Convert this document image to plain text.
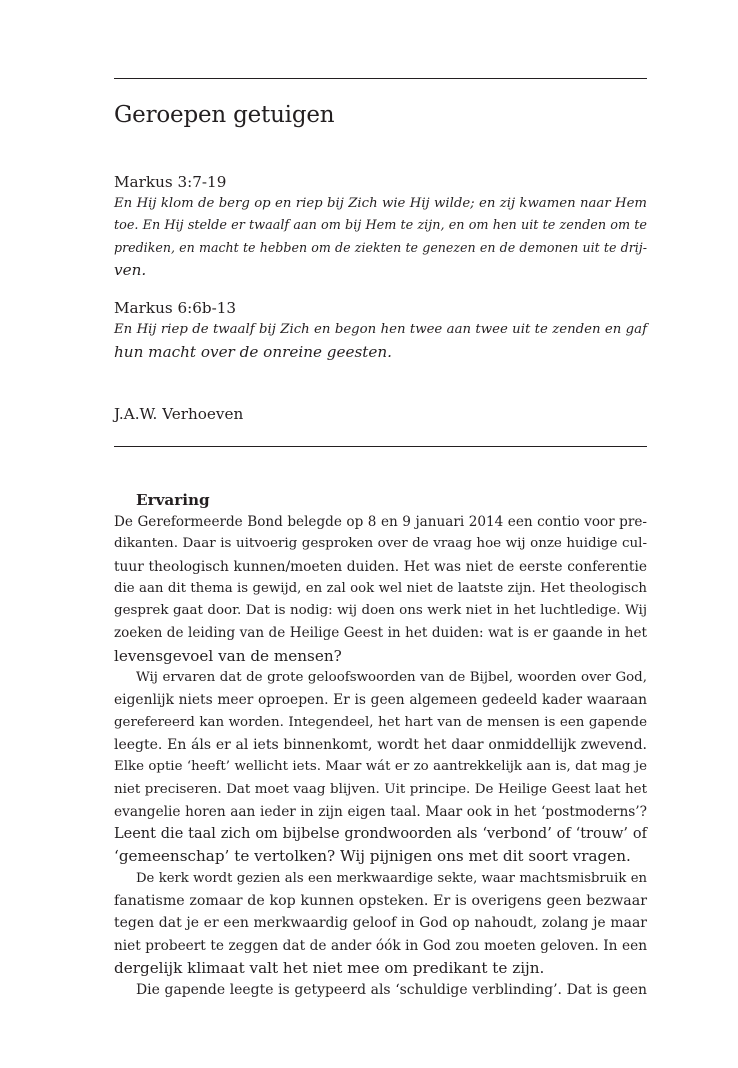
Geroepen getuigen
Markus 3:7-19
En Hij klom de berg op en riep bij Zich wie Hij wilde; en zij kwamen naar Hem
toe. En Hij stelde er twaalf aan om bij Hem te zijn, en om hen uit te zenden om te
prediken, en macht te hebben om de ziekten te genezen en de demonen uit te drij-
ven.
Markus 6:6b-13
En Hij riep de twaalf bij Zich en begon hen twee aan twee uit te zenden en gaf
hun macht over de onreine geesten.
J.A.W. Verhoeven
Ervaring
De Gereformeerde Bond belegde op 8 en 9 januari 2014 een contio voor pre-
dikanten. Daar is uitvoerig gesproken over de vraag hoe wij onze huidige cul-
tuur theologisch kunnen/moeten duiden. Het was niet de eerste conferentie
die aan dit thema is gewijd, en zal ook wel niet de laatste zijn. Het theologisch
gesprek gaat door. Dat is nodig: wij doen ons werk niet in het luchtledige. Wij
zoeken de leiding van de Heilige Geest in het duiden: wat is er gaande in het
levensgevoel van de mensen?
Wij ervaren dat de grote geloofswoorden van de Bijbel, woorden over God,
eigenlijk niets meer oproepen. Er is geen algemeen gedeeld kader waaraan
gerefereerd kan worden. Integendeel, het hart van de mensen is een gapende
leegte. En áls er al iets binnenkomt, wordt het daar onmiddellijk zwevend.
Elke optie ‘heeft’ wellicht iets. Maar wát er zo aantrekkelijk aan is, dat mag je
niet preciseren. Dat moet vaag blijven. Uit principe. De Heilige Geest laat het
evangelie horen aan ieder in zijn eigen taal. Maar ook in het ‘postmoderns’?
Leent die taal zich om bijbelse grondwoorden als ‘verbond’ of ‘trouw’ of
‘gemeenschap’ te vertolken? Wij pijnigen ons met dit soort vragen.
De kerk wordt gezien als een merkwaardige sekte, waar machtsmisbruik en
fanatisme zomaar de kop kunnen opsteken. Er is overigens geen bezwaar
tegen dat je er een merkwaardig geloof in God op nahoudt, zolang je maar
niet probeert te zeggen dat de ander óók in God zou moeten geloven. In een
dergelijk klimaat valt het niet mee om predikant te zijn.
Die gapende leegte is getypeerd als ‘schuldige verblinding’. Dat is geen
